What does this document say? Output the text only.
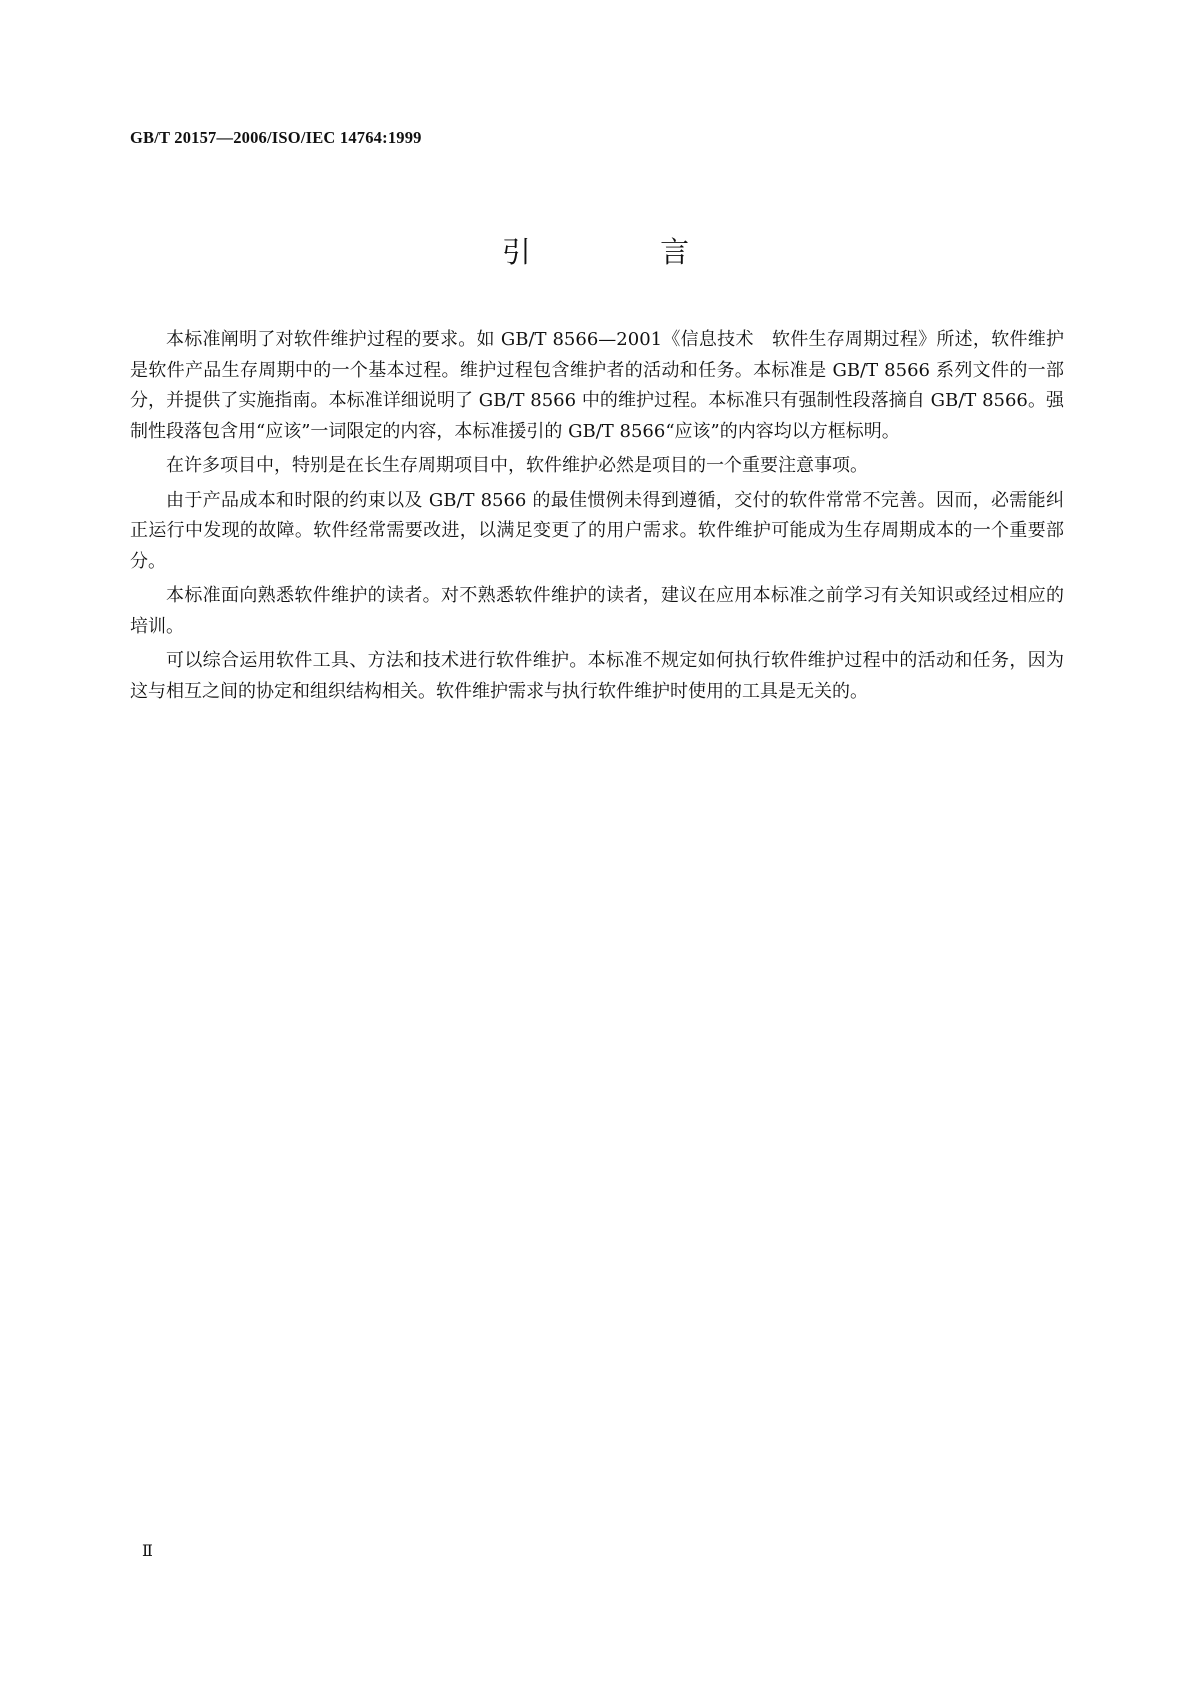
GB/T 20157—2006/ISO/IEC 14764:1999
引 言

本标准阐明了对软件维护过程的要求。如 GB/T 8566—2001《信息技术　软件生存周期过程》所述，软件维护是软件产品生存周期中的一个基本过程。维护过程包含维护者的活动和任务。本标准是 GB/T 8566 系列文件的一部分，并提供了实施指南。本标准详细说明了 GB/T 8566 中的维护过程。本标准只有强制性段落摘自 GB/T 8566。强制性段落包含用“应该”一词限定的内容，本标准援引的 GB/T 8566“应该”的内容均以方框标明。

在许多项目中，特别是在长生存周期项目中，软件维护必然是项目的一个重要注意事项。

由于产品成本和时限的约束以及 GB/T 8566 的最佳惯例未得到遵循，交付的软件常常不完善。因而，必需能纠正运行中发现的故障。软件经常需要改进，以满足变更了的用户需求。软件维护可能成为生存周期成本的一个重要部分。

本标准面向熟悉软件维护的读者。对不熟悉软件维护的读者，建议在应用本标准之前学习有关知识或经过相应的培训。

可以综合运用软件工具、方法和技术进行软件维护。本标准不规定如何执行软件维护过程中的活动和任务，因为这与相互之间的协定和组织结构相关。软件维护需求与执行软件维护时使用的工具是无关的。

Ⅱ
